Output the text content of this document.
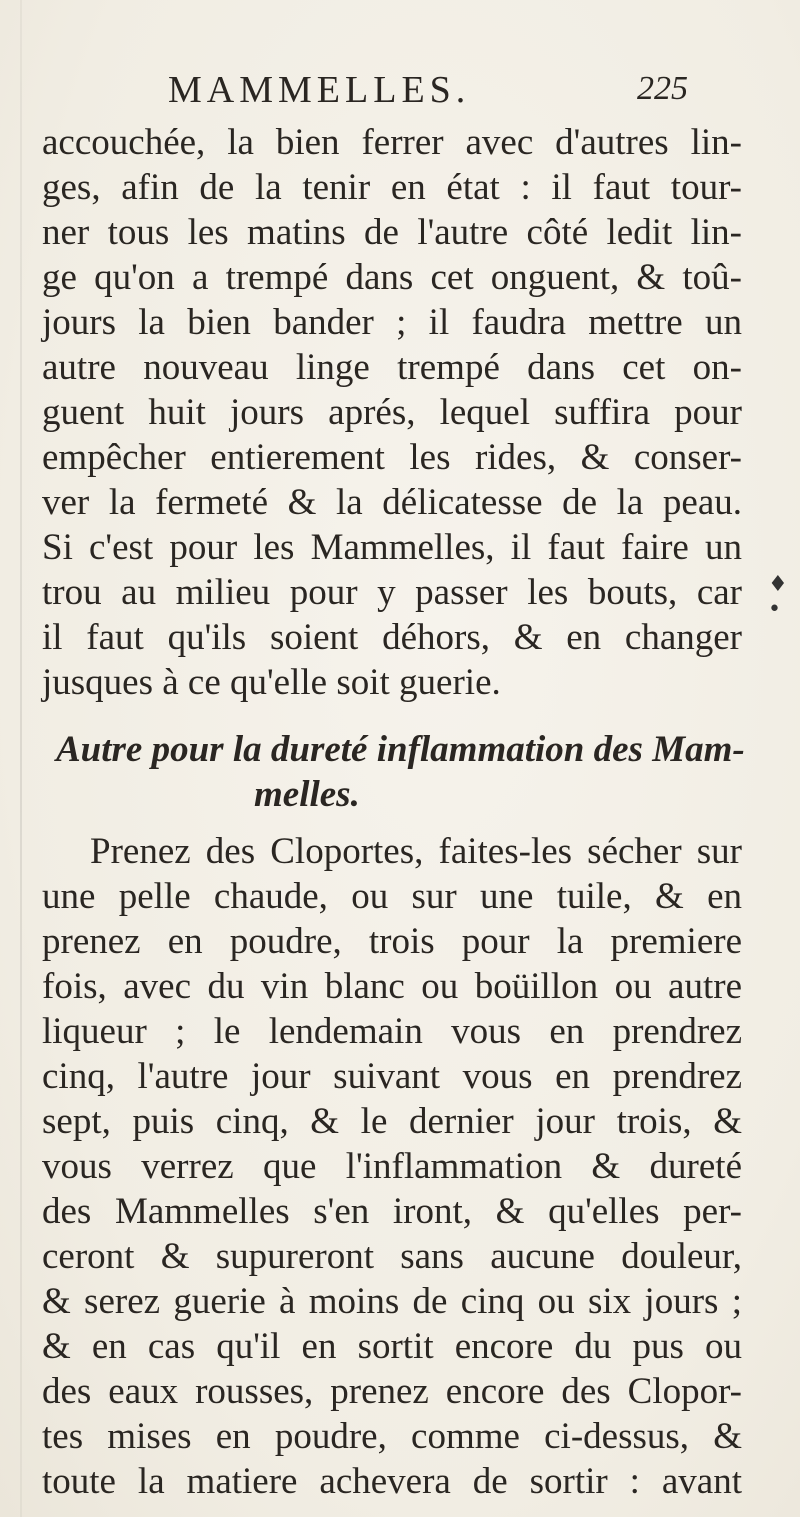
MAMMELLES.	225
♦ •
accouchée, la bien ferrer avec d'autres lin-
ges, afin de la tenir en état : il faut tour-
ner tous les matins de l'autre côté ledit lin-
ge qu'on a trempé dans cet onguent, & toû-
jours la bien bander ; il faudra mettre un
autre nouveau linge trempé dans cet on-
guent huit jours aprés, lequel suffira pour
empêcher entierement les rides, & conser-
ver la fermeté & la délicatesse de la peau.
Si c'est pour les Mammelles, il faut faire un
trou au milieu pour y passer les bouts, car
il faut qu'ils soient déhors, & en changer
jusques à ce qu'elle soit guerie.
Autre pour la dureté inflammation des Mam-
melles.
Prenez des Cloportes, faites-les sécher sur
une pelle chaude, ou sur une tuile, & en
prenez en poudre, trois pour la premiere
fois, avec du vin blanc ou boüillon ou autre
liqueur ; le lendemain vous en prendrez
cinq, l'autre jour suivant vous en prendrez
sept, puis cinq, & le dernier jour trois, &
vous verrez que l'inflammation & dureté
des Mammelles s'en iront, & qu'elles per-
ceront & supureront sans aucune douleur,
& serez guerie à moins de cinq ou six jours ;
& en cas qu'il en sortit encore du pus ou
des eaux rousses, prenez encore des Clopor-
tes mises en poudre, comme ci-dessus, &
toute la matiere achevera de sortir : avant
